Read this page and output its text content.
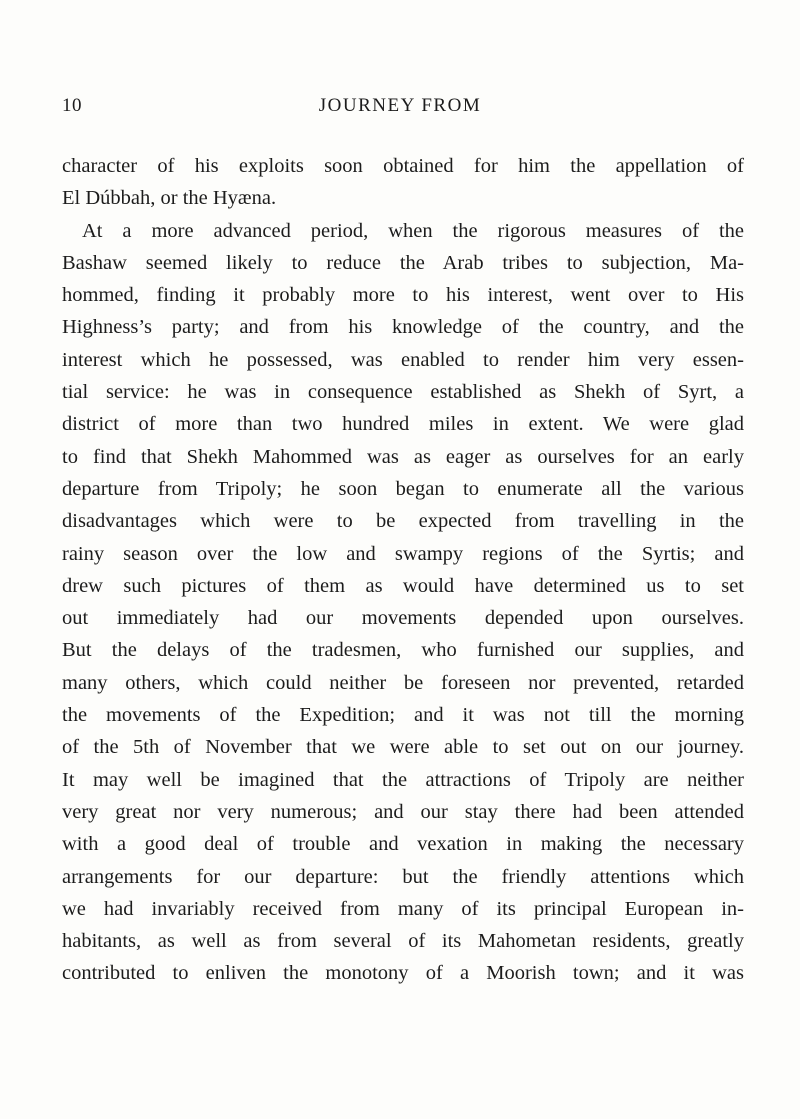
10	JOURNEY FROM
character of his exploits soon obtained for him the appellation of
El Dúbbah, or the Hyæna.
At a more advanced period, when the rigorous measures of the
Bashaw seemed likely to reduce the Arab tribes to subjection, Ma-
hommed, finding it probably more to his interest, went over to His
Highness’s party; and from his knowledge of the country, and the
interest which he possessed, was enabled to render him very essen-
tial service: he was in consequence established as Shekh of Syrt, a
district of more than two hundred miles in extent. We were glad
to find that Shekh Mahommed was as eager as ourselves for an early
departure from Tripoly; he soon began to enumerate all the various
disadvantages which were to be expected from travelling in the
rainy season over the low and swampy regions of the Syrtis; and
drew such pictures of them as would have determined us to set
out immediately had our movements depended upon ourselves.
But the delays of the tradesmen, who furnished our supplies, and
many others, which could neither be foreseen nor prevented, retarded
the movements of the Expedition; and it was not till the morning
of the 5th of November that we were able to set out on our journey.
It may well be imagined that the attractions of Tripoly are neither
very great nor very numerous; and our stay there had been attended
with a good deal of trouble and vexation in making the necessary
arrangements for our departure: but the friendly attentions which
we had invariably received from many of its principal European in-
habitants, as well as from several of its Mahometan residents, greatly
contributed to enliven the monotony of a Moorish town; and it was
